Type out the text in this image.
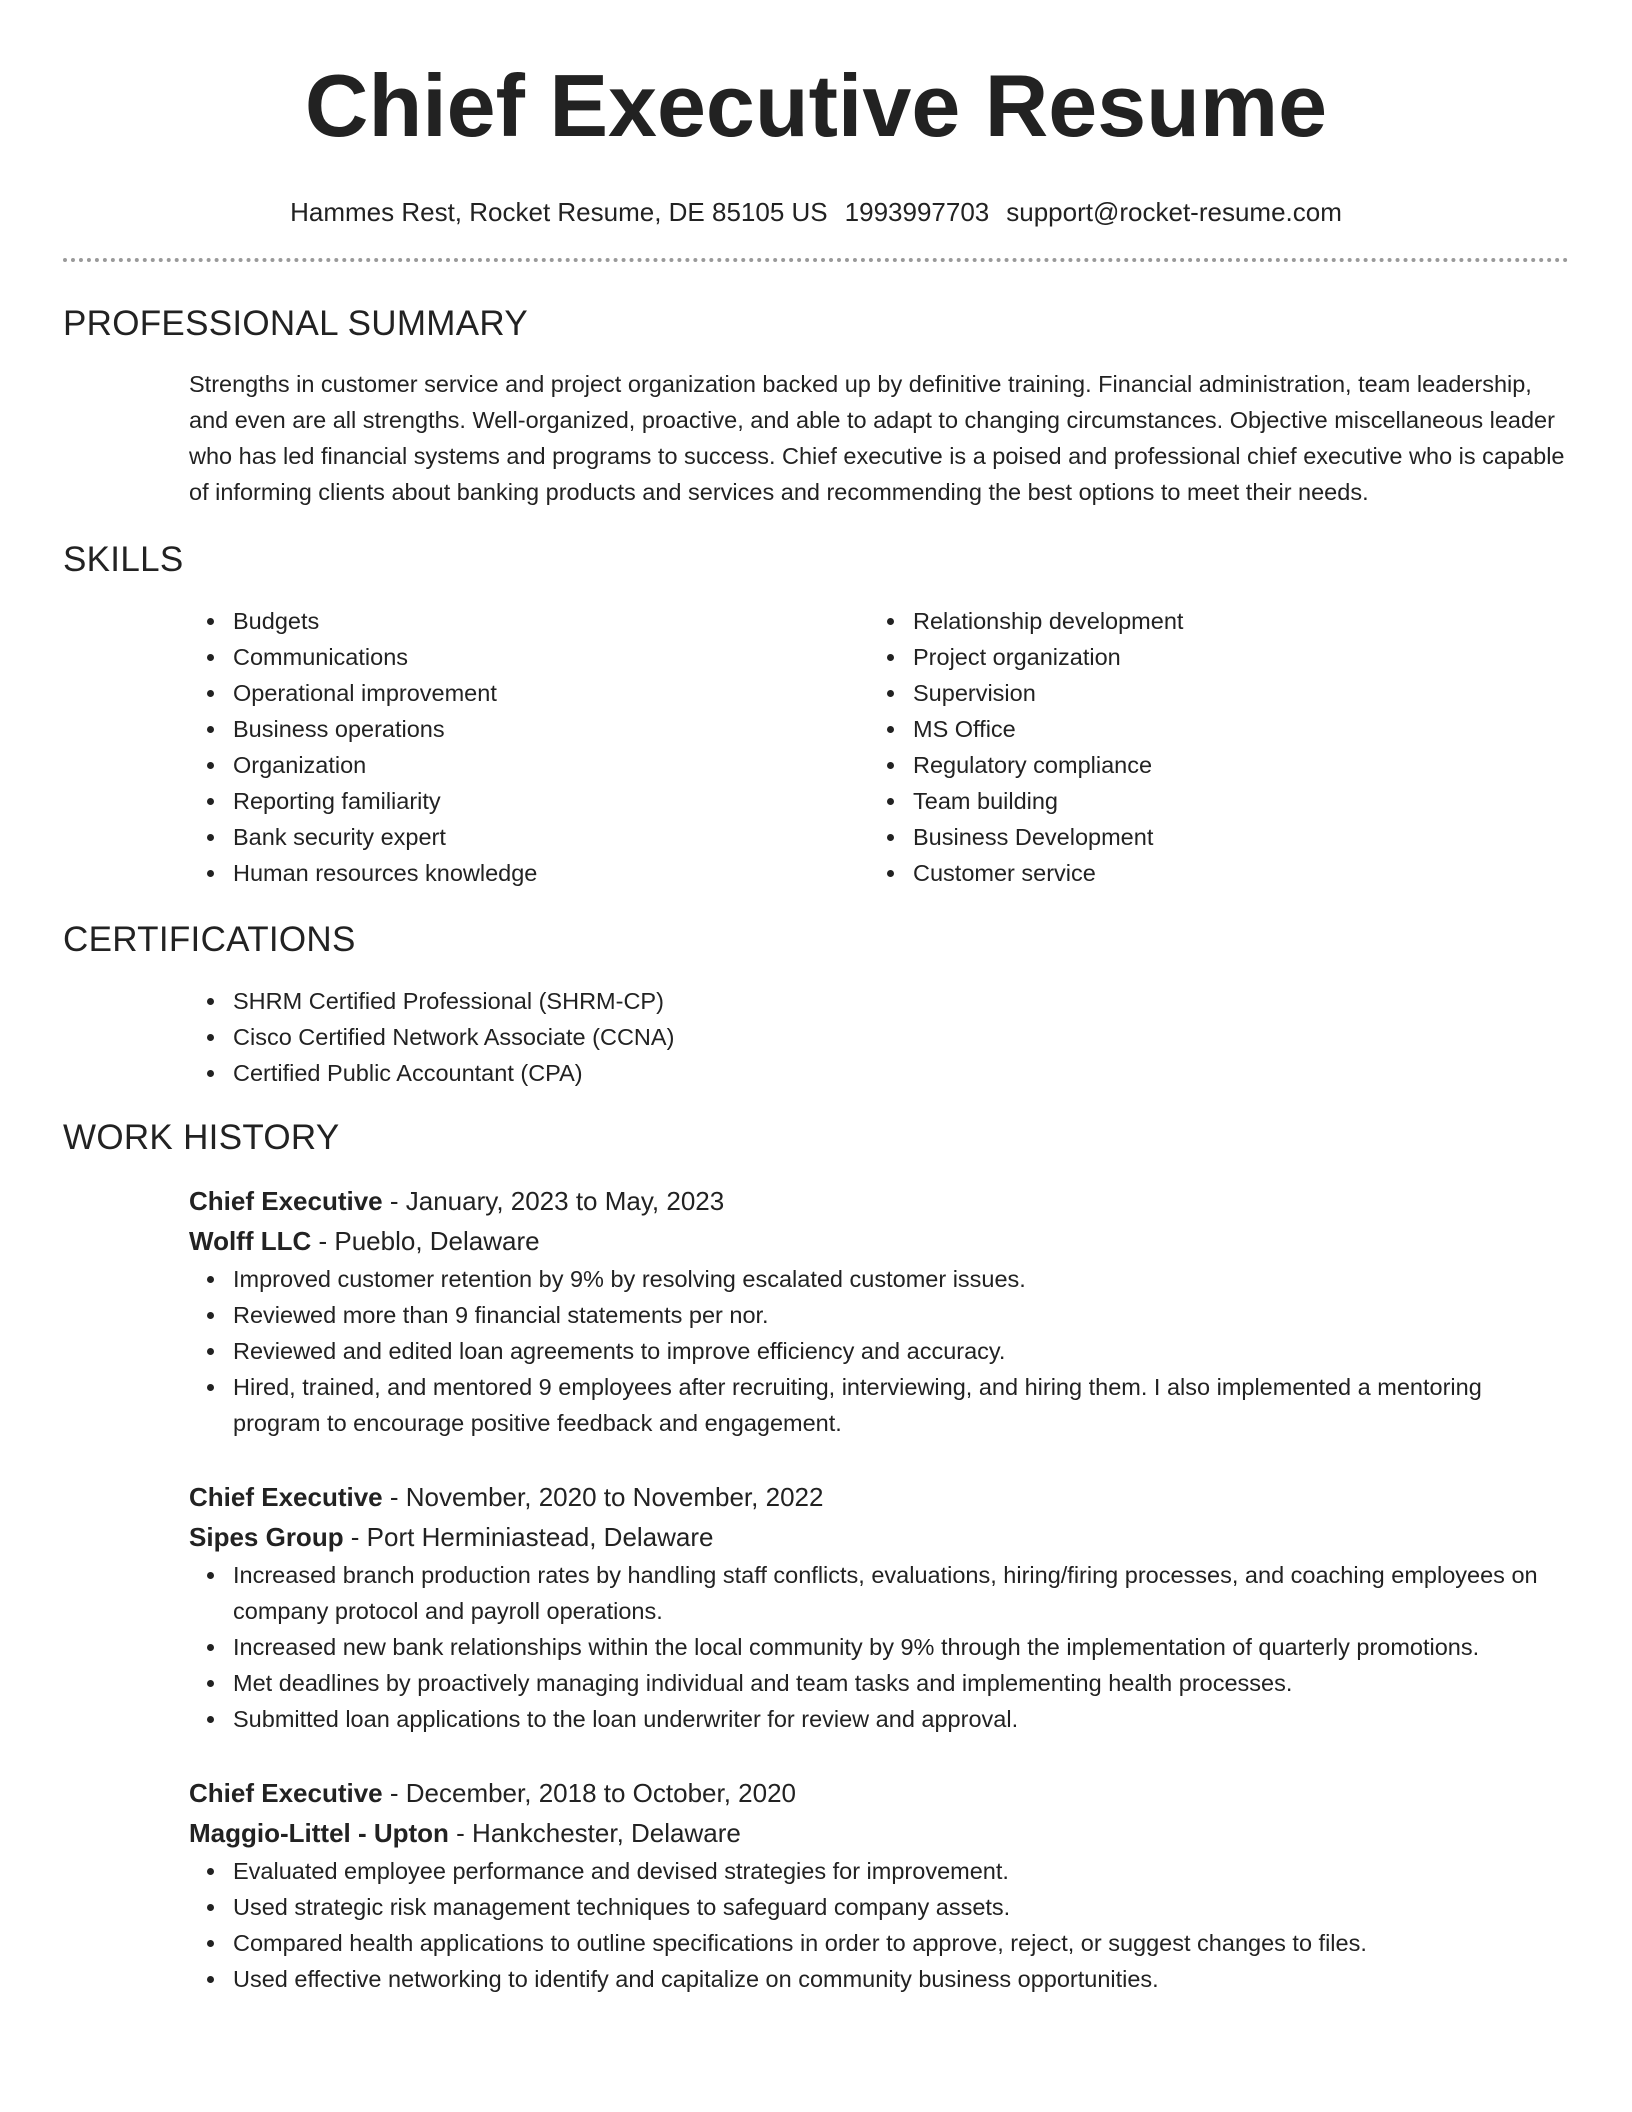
Chief Executive Resume
Hammes Rest, Rocket Resume, DE 85105 US 1993997703 support@rocket-resume.com
PROFESSIONAL SUMMARY
Strengths in customer service and project organization backed up by definitive training. Financial administration, team leadership, and even are all strengths. Well-organized, proactive, and able to adapt to changing circumstances. Objective miscellaneous leader who has led financial systems and programs to success. Chief executive is a poised and professional chief executive who is capable of informing clients about banking products and services and recommending the best options to meet their needs.
SKILLS
Budgets
Communications
Operational improvement
Business operations
Organization
Reporting familiarity
Bank security expert
Human resources knowledge
Relationship development
Project organization
Supervision
MS Office
Regulatory compliance
Team building
Business Development
Customer service
CERTIFICATIONS
SHRM Certified Professional (SHRM-CP)
Cisco Certified Network Associate (CCNA)
Certified Public Accountant (CPA)
WORK HISTORY
Chief Executive - January, 2023 to May, 2023
Wolff LLC - Pueblo, Delaware
Improved customer retention by 9% by resolving escalated customer issues.
Reviewed more than 9 financial statements per nor.
Reviewed and edited loan agreements to improve efficiency and accuracy.
Hired, trained, and mentored 9 employees after recruiting, interviewing, and hiring them. I also implemented a mentoring program to encourage positive feedback and engagement.
Chief Executive - November, 2020 to November, 2022
Sipes Group - Port Herminiastead, Delaware
Increased branch production rates by handling staff conflicts, evaluations, hiring/firing processes, and coaching employees on company protocol and payroll operations.
Increased new bank relationships within the local community by 9% through the implementation of quarterly promotions.
Met deadlines by proactively managing individual and team tasks and implementing health processes.
Submitted loan applications to the loan underwriter for review and approval.
Chief Executive - December, 2018 to October, 2020
Maggio-Littel - Upton - Hankchester, Delaware
Evaluated employee performance and devised strategies for improvement.
Used strategic risk management techniques to safeguard company assets.
Compared health applications to outline specifications in order to approve, reject, or suggest changes to files.
Used effective networking to identify and capitalize on community business opportunities.
